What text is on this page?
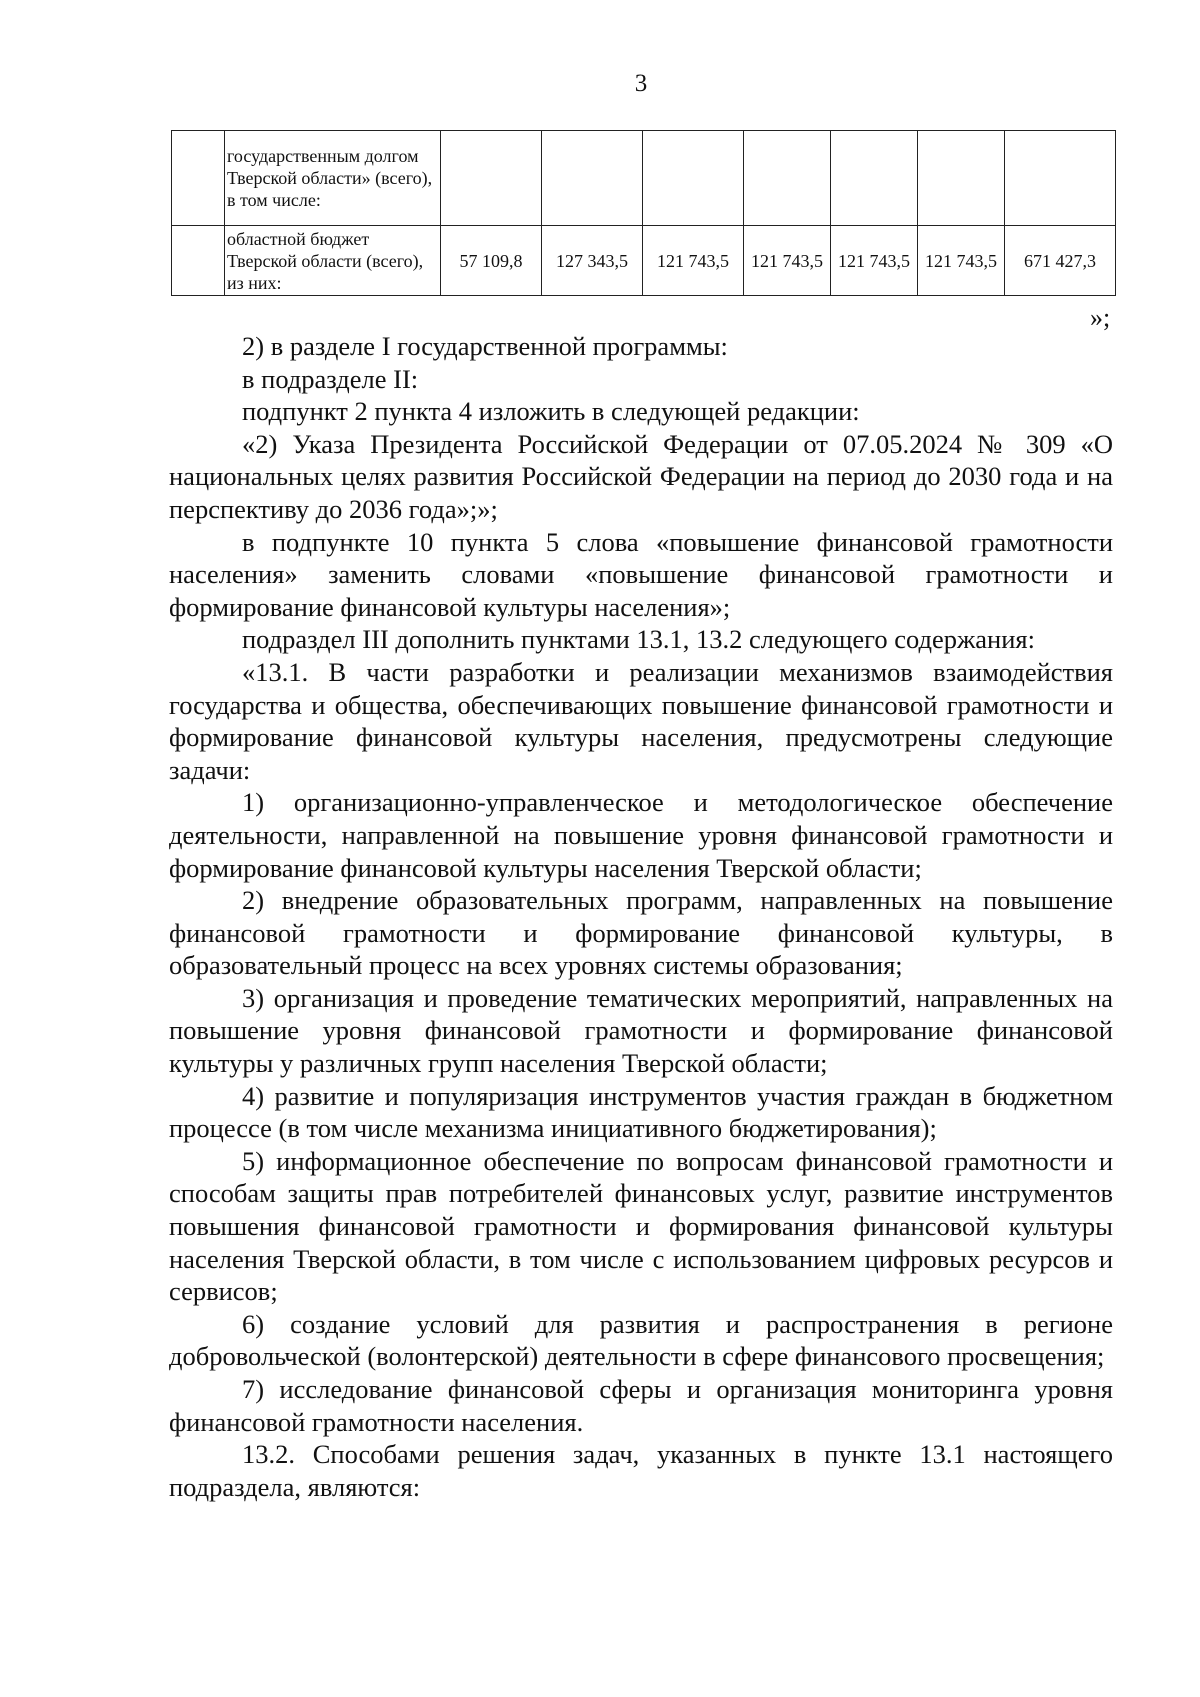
3
	государственным долгом Тверской области» (всего), в том числе:							
	областной бюджет Тверской области (всего), из них:	57 109,8	127 343,5	121 743,5	121 743,5	121 743,5	121 743,5	671 427,3
»;

2) в разделе I государственной программы:

в подразделе II:

подпункт 2 пункта 4 изложить в следующей редакции:

«2) Указа Президента Российской Федерации от 07.05.2024 № 309 «О национальных целях развития Российской Федерации на период до 2030 года и на перспективу до 2036 года»;»;

в подпункте 10 пункта 5 слова «повышение финансовой грамотности населения» заменить словами «повышение финансовой грамотности и формирование финансовой культуры населения»;

подраздел III дополнить пунктами 13.1, 13.2 следующего содержания:

«13.1. В части разработки и реализации механизмов взаимодействия государства и общества, обеспечивающих повышение финансовой грамотности и формирование финансовой культуры населения, предусмотрены следующие задачи:

1) организационно-управленческое и методологическое обеспечение деятельности, направленной на повышение уровня финансовой грамотности и формирование финансовой культуры населения Тверской области;

2) внедрение образовательных программ, направленных на повышение финансовой грамотности и формирование финансовой культуры, в образовательный процесс на всех уровнях системы образования;

3) организация и проведение тематических мероприятий, направленных на повышение уровня финансовой грамотности и формирование финансовой культуры у различных групп населения Тверской области;

4) развитие и популяризация инструментов участия граждан в бюджетном процессе (в том числе механизма инициативного бюджетирования);

5) информационное обеспечение по вопросам финансовой грамотности и способам защиты прав потребителей финансовых услуг, развитие инструментов повышения финансовой грамотности и формирования финансовой культуры населения Тверской области, в том числе с использованием цифровых ресурсов и сервисов;

6) создание условий для развития и распространения в регионе добровольческой (волонтерской) деятельности в сфере финансового просвещения;

7) исследование финансовой сферы и организация мониторинга уровня финансовой грамотности населения.

13.2. Способами решения задач, указанных в пункте 13.1 настоящего подраздела, являются:
